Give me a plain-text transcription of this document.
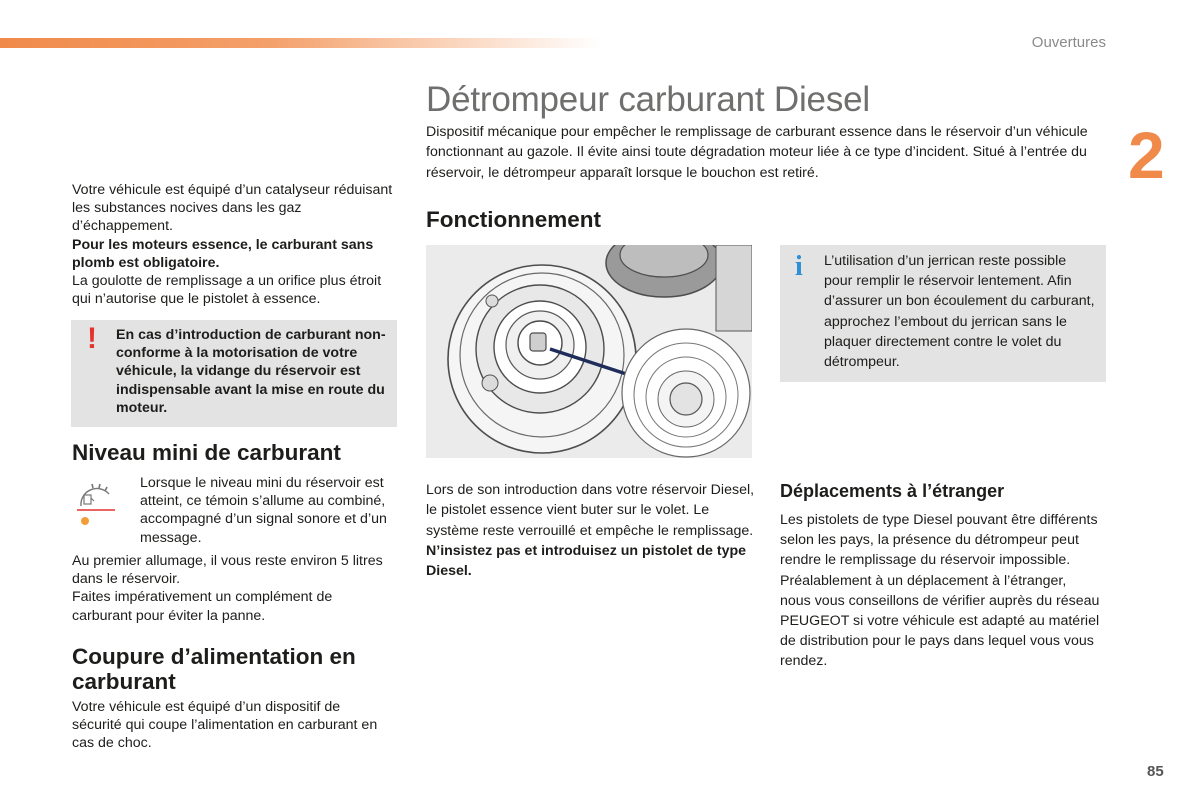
Ouvertures
2
85

Votre véhicule est équipé d’un catalyseur réduisant les substances nocives dans les gaz d’échappement.

Pour les moteurs essence, le carburant sans plomb est obligatoire.

La goulotte de remplissage a un orifice plus étroit qui n’autorise que le pistolet à essence.

! En cas d’introduction de carburant non-conforme à la motorisation de votre véhicule, la vidange du réservoir est indispensable avant la mise en route du moteur.

Niveau mini de carburant

Lorsque le niveau mini du réservoir est atteint, ce témoin s’allume au combiné, accompagné d’un signal sonore et d’un message.

Au premier allumage, il vous reste environ 5 litres dans le réservoir.

Faites impérativement un complément de carburant pour éviter la panne.

Coupure d’alimentation en carburant

Votre véhicule est équipé d’un dispositif de sécurité qui coupe l’alimentation en carburant en cas de choc.

Détrompeur carburant Diesel

Dispositif mécanique pour empêcher le remplissage de carburant essence dans le réservoir d’un véhicule fonctionnant au gazole. Il évite ainsi toute dégradation moteur liée à ce type d’incident. Situé à l’entrée du réservoir, le détrompeur apparaît lorsque le bouchon est retiré.

Fonctionnement

Lors de son introduction dans votre réservoir Diesel, le pistolet essence vient buter sur le volet. Le système reste verrouillé et empêche le remplissage.

N’insistez pas et introduisez un pistolet de type Diesel.

i L’utilisation d’un jerrican reste possible pour remplir le réservoir lentement. Afin d’assurer un bon écoulement du carburant, approchez l’embout du jerrican sans le plaquer directement contre le volet du détrompeur.

Déplacements à l’étranger

Les pistolets de type Diesel pouvant être différents selon les pays, la présence du détrompeur peut rendre le remplissage du réservoir impossible.

Préalablement à un déplacement à l’étranger, nous vous conseillons de vérifier auprès du réseau PEUGEOT si votre véhicule est adapté au matériel de distribution pour le pays dans lequel vous vous rendez.
